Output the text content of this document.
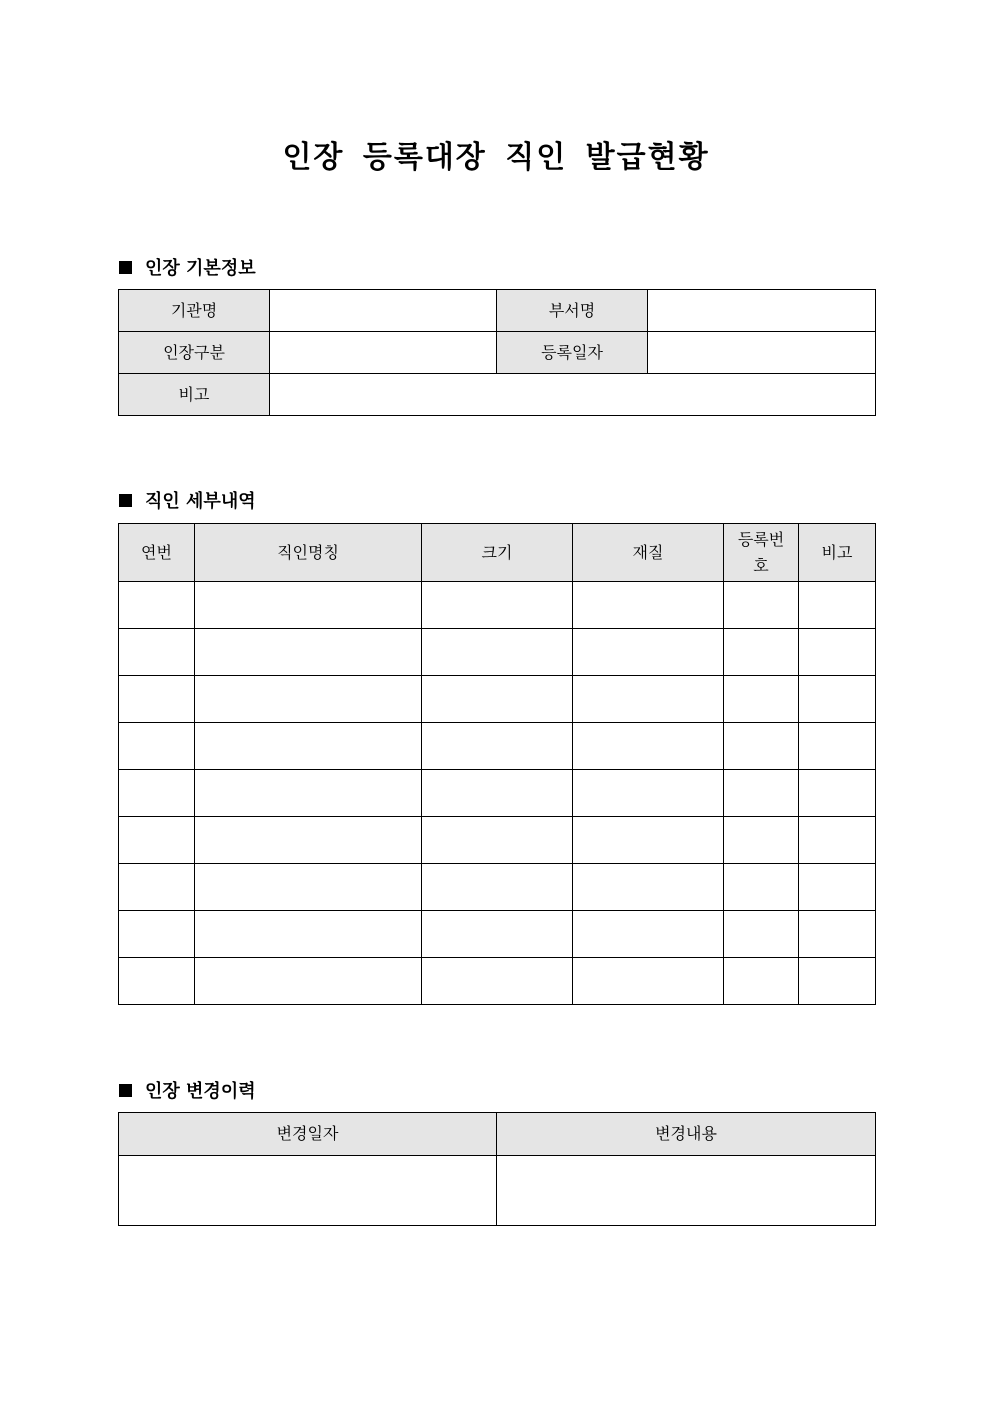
인장 등록대장 직인 발급현황
인장 기본정보
기관명		부서명	
인장구분		등록일자	
비고			
직인 세부내역
연번	직인명칭	크기	재질	등록번호	비고

인장 변경이력
변경일자	변경내용
